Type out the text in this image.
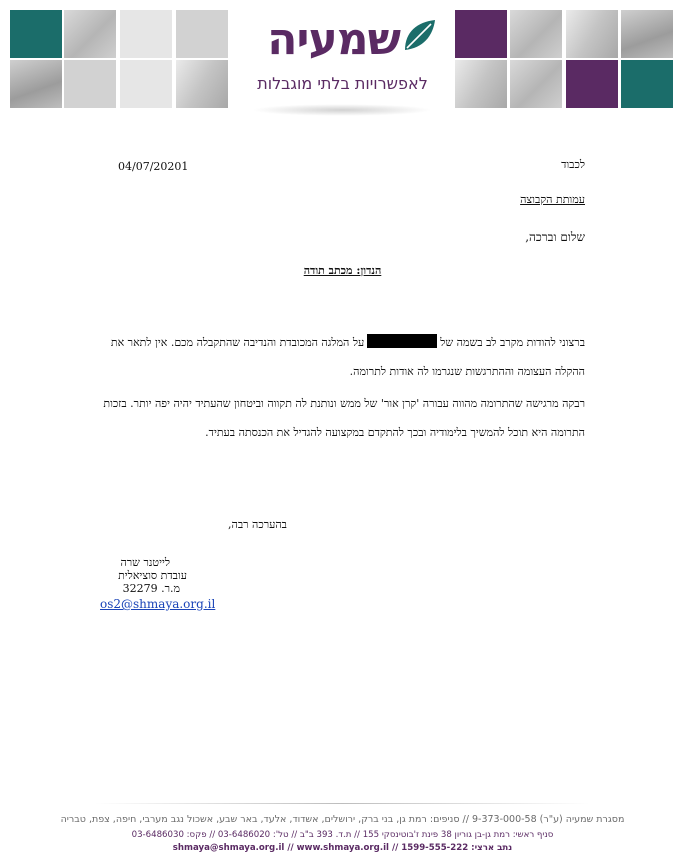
שמעיה
לאפשרויות בלתי מוגבלות
04/07/20201	לכבוד
עמותת הקבוצה
שלום וברכה,
הנדון: מכתב תודה
ברצוני להודות מקרב לב בשמה שלעל המלגה המכובדת והנדיבה שהתקבלה מכם. אין לתאר את ההקלה העצומה וההתרגשות שנגרמו לה אודות לתרומה.
רבקה מרגישה שהתרומה מהווה עבורה 'קרן אור' של ממש ונותנת לה תקווה וביטחון שהעתיד יהיה יפה יותר. בזכות התרומה היא תוכל להמשיך בלימודיה ובכך להתקדם במקצועה להגדיל את הכנסתה בעתיד.
בהערכה רבה,
לייטנר שרה
עובדת סוציאלית
מ.ר. 32279
os2@shmaya.org.il
מסגרת שמעיה (ע"ר) 9-373-000-58 // סניפים: רמת גן, בני ברק, ירושלים, אשדוד, אלעד, באר שבע, אשכול נגב מערבי, חיפה, צפת, טבריה
סניף ראשי: רמת גן-בן גוריון 38 פינת ז'בוטינסקי 155 // ת.ד. 393 ב"ב // טל': 03-6486020 // פקס: 03-6486030
נתב ארצי: 1599-555-222 // shmaya@shmaya.org.il // www.shmaya.org.il
